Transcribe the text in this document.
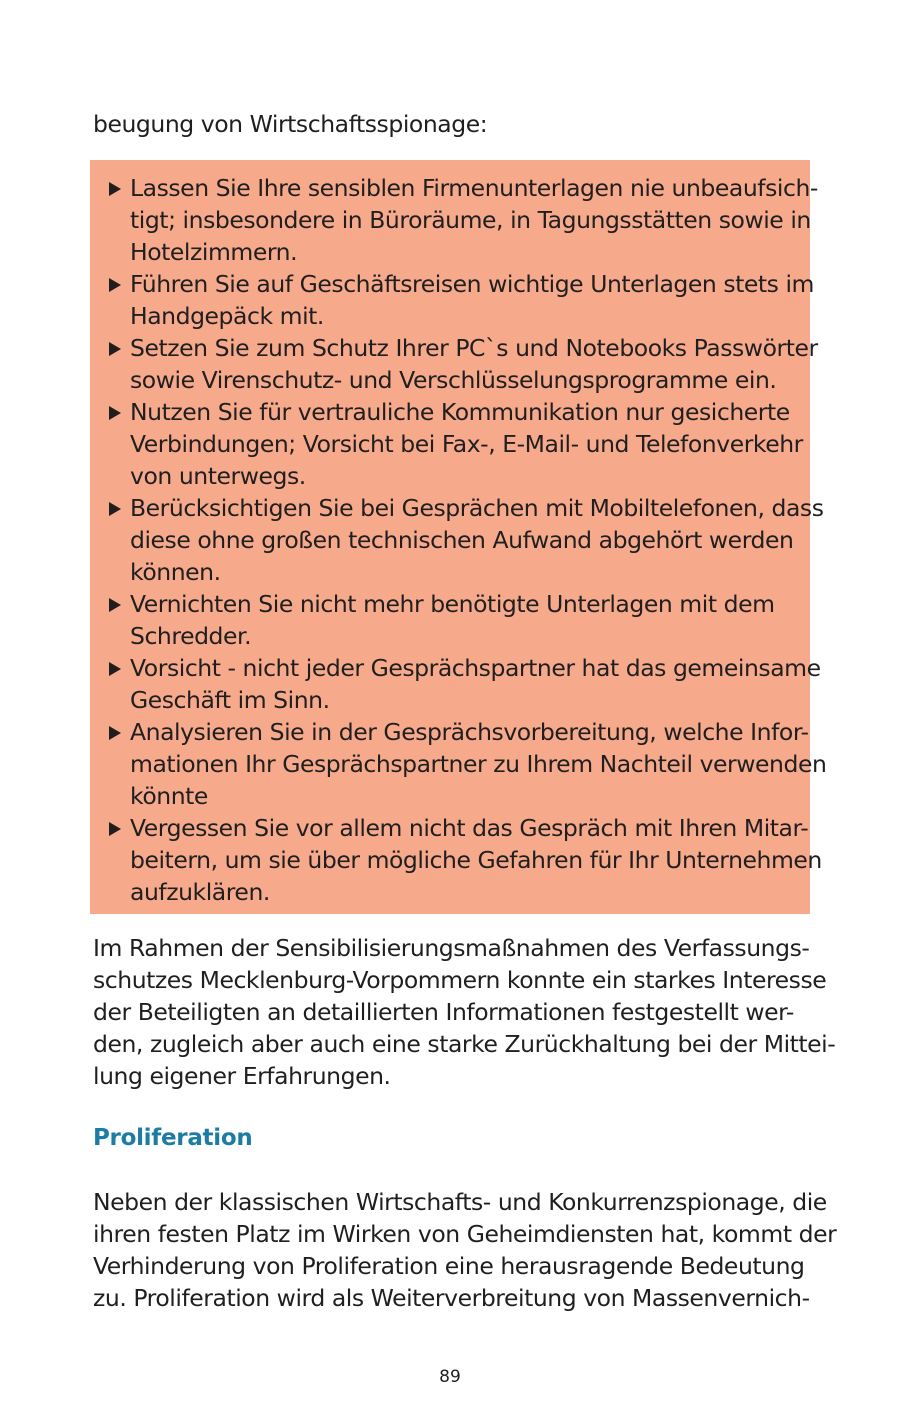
beugung von Wirtschaftsspionage:
Im Rahmen der Sensibilisierungsmaßnahmen des Verfassungs-
schutzes Mecklenburg-Vorpommern konnte ein starkes Interesse
der Beteiligten an detaillierten Informationen festgestellt wer-
den, zugleich aber auch eine starke Zurückhaltung bei der Mittei-
lung eigener Erfahrungen.
Proliferation
Neben der klassischen Wirtschafts- und Konkurrenzspionage, die
ihren festen Platz im Wirken von Geheimdiensten hat, kommt der
Verhinderung von Proliferation eine herausragende Bedeutung
zu. Proliferation wird als Weiterverbreitung von Massenvernich-
Lassen Sie Ihre sensiblen Firmenunterlagen nie unbeaufsich-
tigt; insbesondere in Büroräume, in Tagungsstätten sowie in
Hotelzimmern.
Führen Sie auf Geschäftsreisen wichtige Unterlagen stets im
Handgepäck mit.
Setzen Sie zum Schutz Ihrer PC`s und Notebooks Passwörter
sowie Virenschutz- und Verschlüsselungsprogramme ein.
Nutzen Sie für vertrauliche Kommunikation nur gesicherte
Verbindungen; Vorsicht bei Fax-, E-Mail- und Telefonverkehr
von unterwegs.
Berücksichtigen Sie bei Gesprächen mit Mobiltelefonen, dass
diese ohne großen technischen Aufwand abgehört werden
können.
Vernichten Sie nicht mehr benötigte Unterlagen mit dem
Schredder.
Vorsicht - nicht jeder Gesprächspartner hat das gemeinsame
Geschäft im Sinn.
Analysieren Sie in der Gesprächsvorbereitung, welche Infor-
mationen Ihr Gesprächspartner zu Ihrem Nachteil verwenden
könnte
Vergessen Sie vor allem nicht das Gespräch mit Ihren Mitar-
beitern, um sie über mögliche Gefahren für Ihr Unternehmen
aufzuklären.
89
